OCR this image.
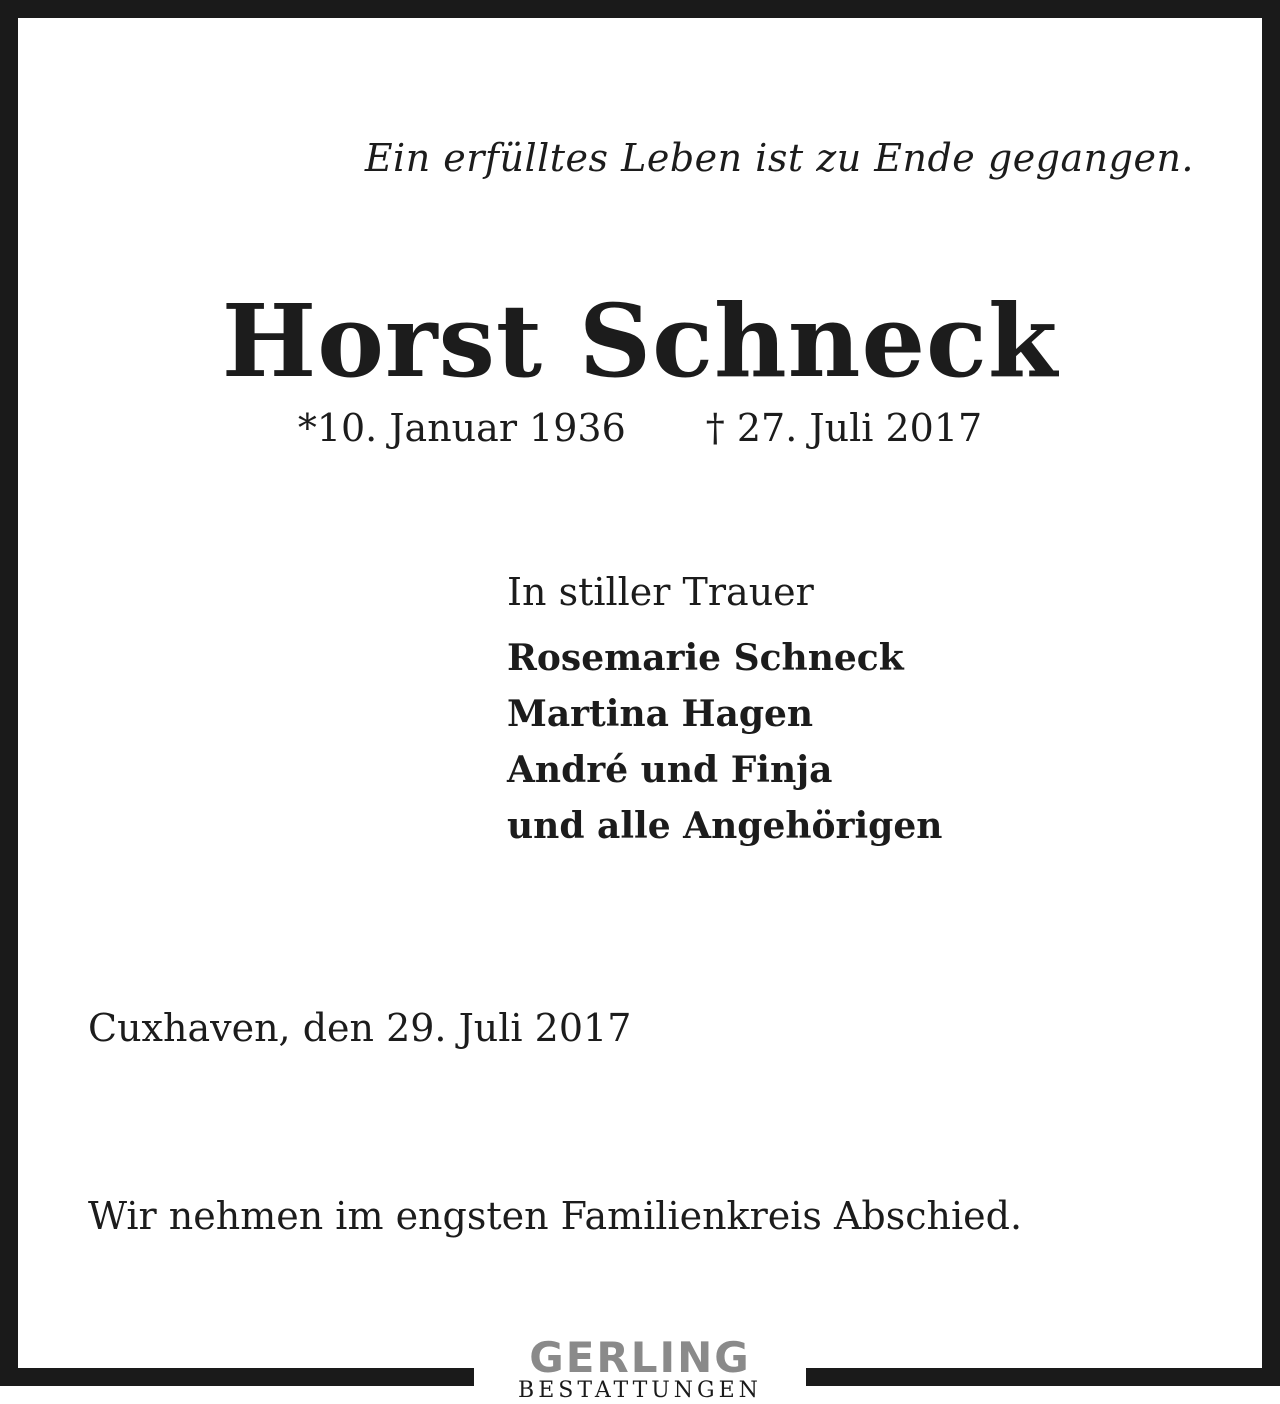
Ein erfülltes Leben ist zu Ende gegangen.
Horst Schneck
*10. Januar 1936 † 27. Juli 2017
In stiller Trauer
Rosemarie Schneck
Martina Hagen
André und Finja
und alle Angehörigen
Cuxhaven, den 29. Juli 2017
Wir nehmen im engsten Familienkreis Abschied.
GERLING
BESTATTUNGEN
